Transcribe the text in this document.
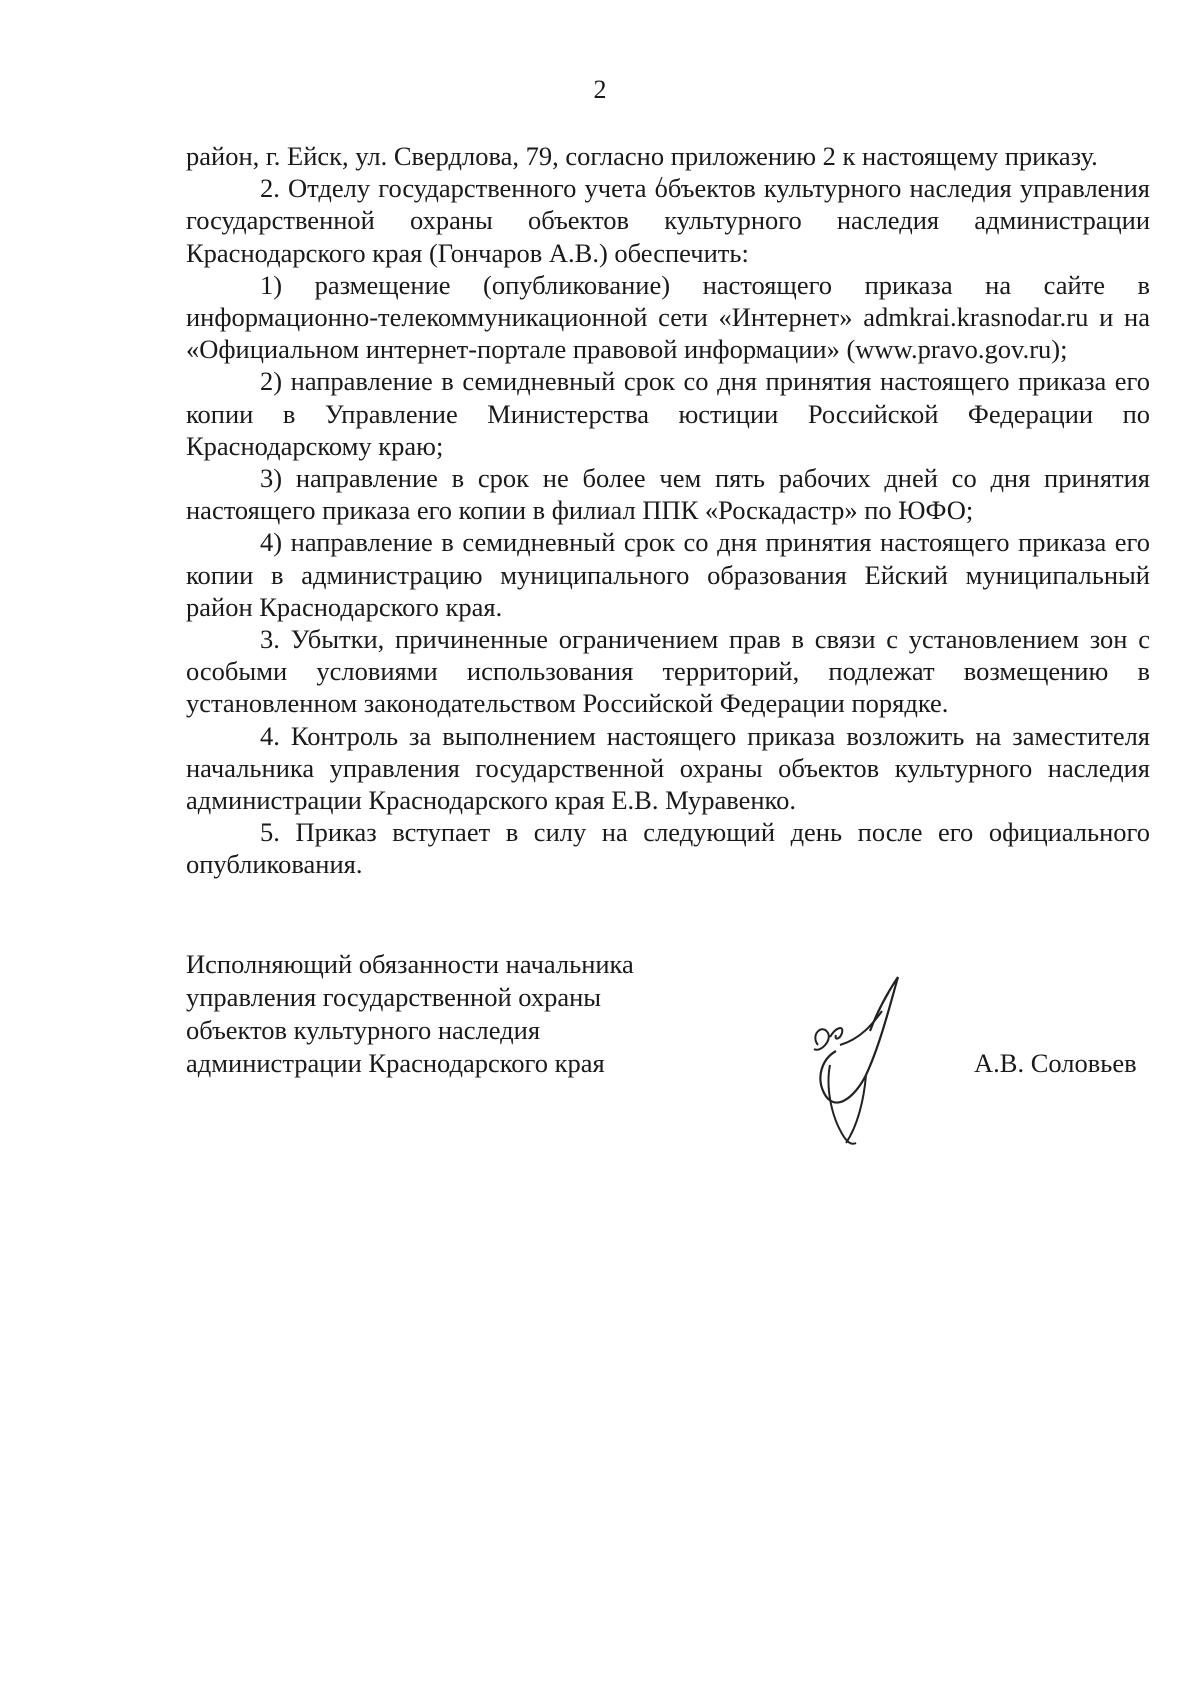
2

район, г. Ейск, ул. Свердлова, 79, согласно приложению 2 к настоящему приказу.

2. Отделу государственного учета объектов культурного наследия управления государственной охраны объектов культурного наследия администрации Краснодарского края (Гончаров А.В.) обеспечить:

1) размещение (опубликование) настоящего приказа на сайте в информационно-телекоммуникационной сети «Интернет» admkrai.krasnodar.ru и на «Официальном интернет-портале правовой информации» (www.pravo.gov.ru);

2) направление в семидневный срок со дня принятия настоящего приказа его копии в Управление Министерства юстиции Российской Федерации по Краснодарскому краю;

3) направление в срок не более чем пять рабочих дней со дня принятия настоящего приказа его копии в филиал ППК «Роскадастр» по ЮФО;

4) направление в семидневный срок со дня принятия настоящего приказа его копии в администрацию муниципального образования Ейский муниципальный район Краснодарского края.

3. Убытки, причиненные ограничением прав в связи с установлением зон с особыми условиями использования территорий, подлежат возмещению в установленном законодательством Российской Федерации порядке.

4. Контроль за выполнением настоящего приказа возложить на заместителя начальника управления государственной охраны объектов культурного наследия администрации Краснодарского края Е.В. Муравенко.

5. Приказ вступает в силу на следующий день после его официального опубликования.

Исполняющий обязанности начальника
управления государственной охраны
объектов культурного наследия
администрации Краснодарского края	А.В. Соловьев
